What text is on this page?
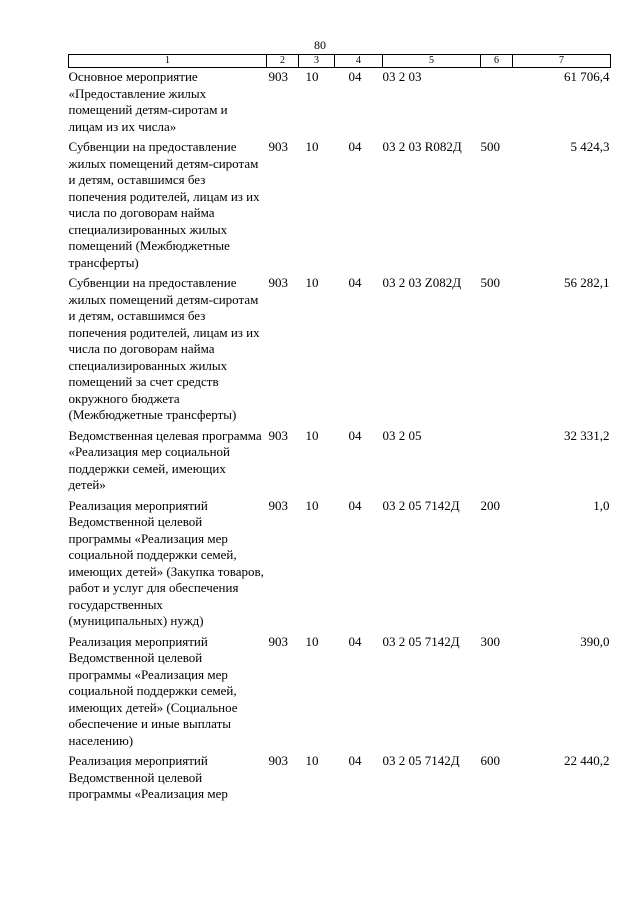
80
1	2	3	4	5	6	7
Основное мероприятие «Предоставление жилых помещений детям-сиротам и лицам из их числа»	903	10	04	03 2 03		61 706,4
Субвенции на предоставление жилых помещений детям-сиротам и детям, оставшимся без попечения родителей, лицам из их числа по договорам найма специализированных жилых помещений (Межбюджетные трансферты)	903	10	04	03 2 03 R082Д	500	5 424,3
Субвенции на предоставление жилых помещений детям-сиротам и детям, оставшимся без попечения родителей, лицам из их числа по договорам найма специализированных жилых помещений за счет средств окружного бюджета (Межбюджетные трансферты)	903	10	04	03 2 03 Z082Д	500	56 282,1
Ведомственная целевая программа «Реализация мер социальной поддержки семей, имеющих детей»	903	10	04	03 2 05		32 331,2
Реализация мероприятий Ведомственной целевой программы «Реализация мер социальной поддержки семей, имеющих детей» (Закупка товаров, работ и услуг для обеспечения государственных (муниципальных) нужд)	903	10	04	03 2 05 7142Д	200	1,0
Реализация мероприятий Ведомственной целевой программы «Реализация мер социальной поддержки семей, имеющих детей» (Социальное обеспечение и иные выплаты населению)	903	10	04	03 2 05 7142Д	300	390,0
Реализация мероприятий Ведомственной целевой программы «Реализация мер	903	10	04	03 2 05 7142Д	600	22 440,2
